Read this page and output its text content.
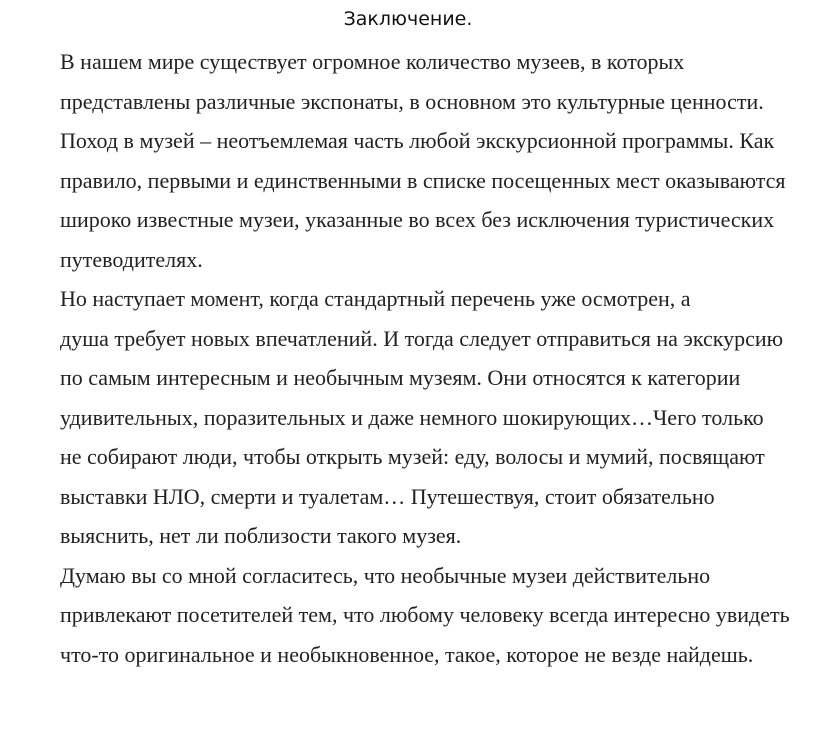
Заключение.

В нашем мире существует огромное количество музеев, в которых
представлены различные экспонаты, в основном это культурные ценности.
Поход в музей – неотъемлемая часть любой экскурсионной программы. Как
правило, первыми и единственными в списке посещенных мест оказываются
широко известные музеи, указанные во всех без исключения туристических
путеводителях.

Но наступает момент, когда стандартный перечень уже осмотрен, а
душа требует новых впечатлений. И тогда следует отправиться на экскурсию
по самым интересным и необычным музеям. Они относятся к категории
удивительных, поразительных и даже немного шокирующих…Чего только
не собирают люди, чтобы открыть музей: еду, волосы и мумий, посвящают
выставки НЛО, смерти и туалетам… Путешествуя, стоит обязательно
выяснить, нет ли поблизости такого музея.

Думаю вы со мной согласитесь, что необычные музеи действительно
привлекают посетителей тем, что любому человеку всегда интересно увидеть
что-то оригинальное и необыкновенное, такое, которое не везде найдешь.
